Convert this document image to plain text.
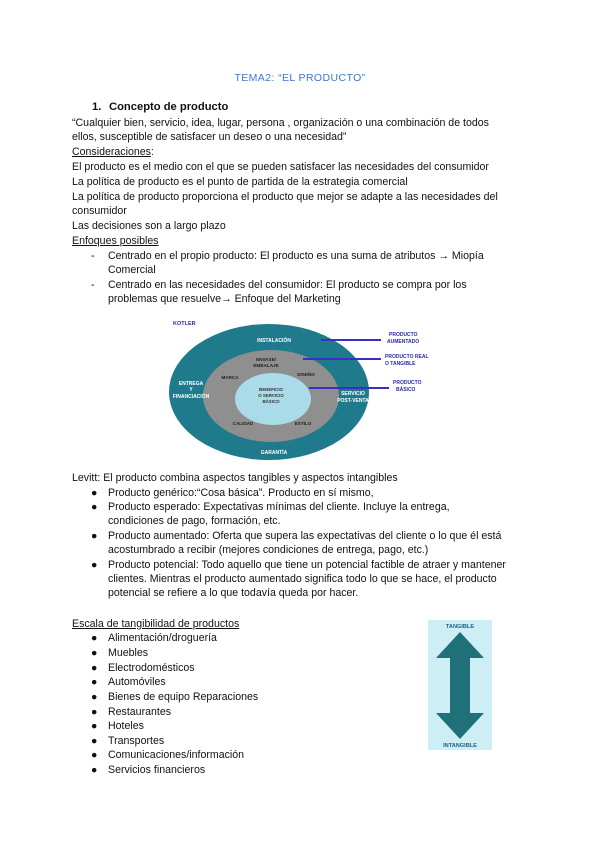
TEMA2: “EL PRODUCTO”
1. Concepto de producto
“Cualquier bien, servicio, idea, lugar, persona , organización o una combinación de todos
ellos, susceptible de satisfacer un deseo o una necesidad”
Consideraciones:
El producto es el medio con el que se pueden satisfacer las necesidades del consumidor
La política de producto es el punto de partida de la estrategia comercial
La política de producto proporciona el producto que mejor se adapte a las necesidades del
consumidor
Las decisiones son a largo plazo
Enfoques posibles
- Centrado en el propio producto: El producto es una suma de atributos → Miopía
Comercial
- Centrado en las necesidades del consumidor: El producto se compra por los
problemas que resuelve→ Enfoque del Marketing
KOTLER
INSTALACIÓN
ENTREGA
Y
FINANCIACIÓN
ENVASE/
EMBALAJE
MARCA
DISEÑO
BENEFICIO
O SERVICIO
BÁSICO
CALIDAD	ESTILO
SERVICIO
POST-VENTA
GARANTÍA
PRODUCTO
AUMENTADO
PRODUCTO REAL
O TANGIBLE
PRODUCTO
BÁSICO
Levitt: El producto combina aspectos tangibles y aspectos intangibles
● Producto genérico:“Cosa básica”. Producto en sí mismo,
● Producto esperado: Expectativas mínimas del cliente. Incluye la entrega,
condiciones de pago, formación, etc.
● Producto aumentado: Oferta que supera las expectativas del cliente o lo que él está
acostumbrado a recibir (mejores condiciones de entrega, pago, etc.)
● Producto potencial: Todo aquello que tiene un potencial factible de atraer y mantener
clientes. Mientras el producto aumentado significa todo lo que se hace, el producto
potencial se refiere a lo que todavía queda por hacer.
Escala de tangibilidad de productos
● Alimentación/droguería
● Muebles
● Electrodomésticos
● Automóviles
● Bienes de equipo Reparaciones
● Restaurantes
● Hoteles
● Transportes
● Comunicaciones/información
● Servicios financieros
TANGIBLE
INTANGIBLE
